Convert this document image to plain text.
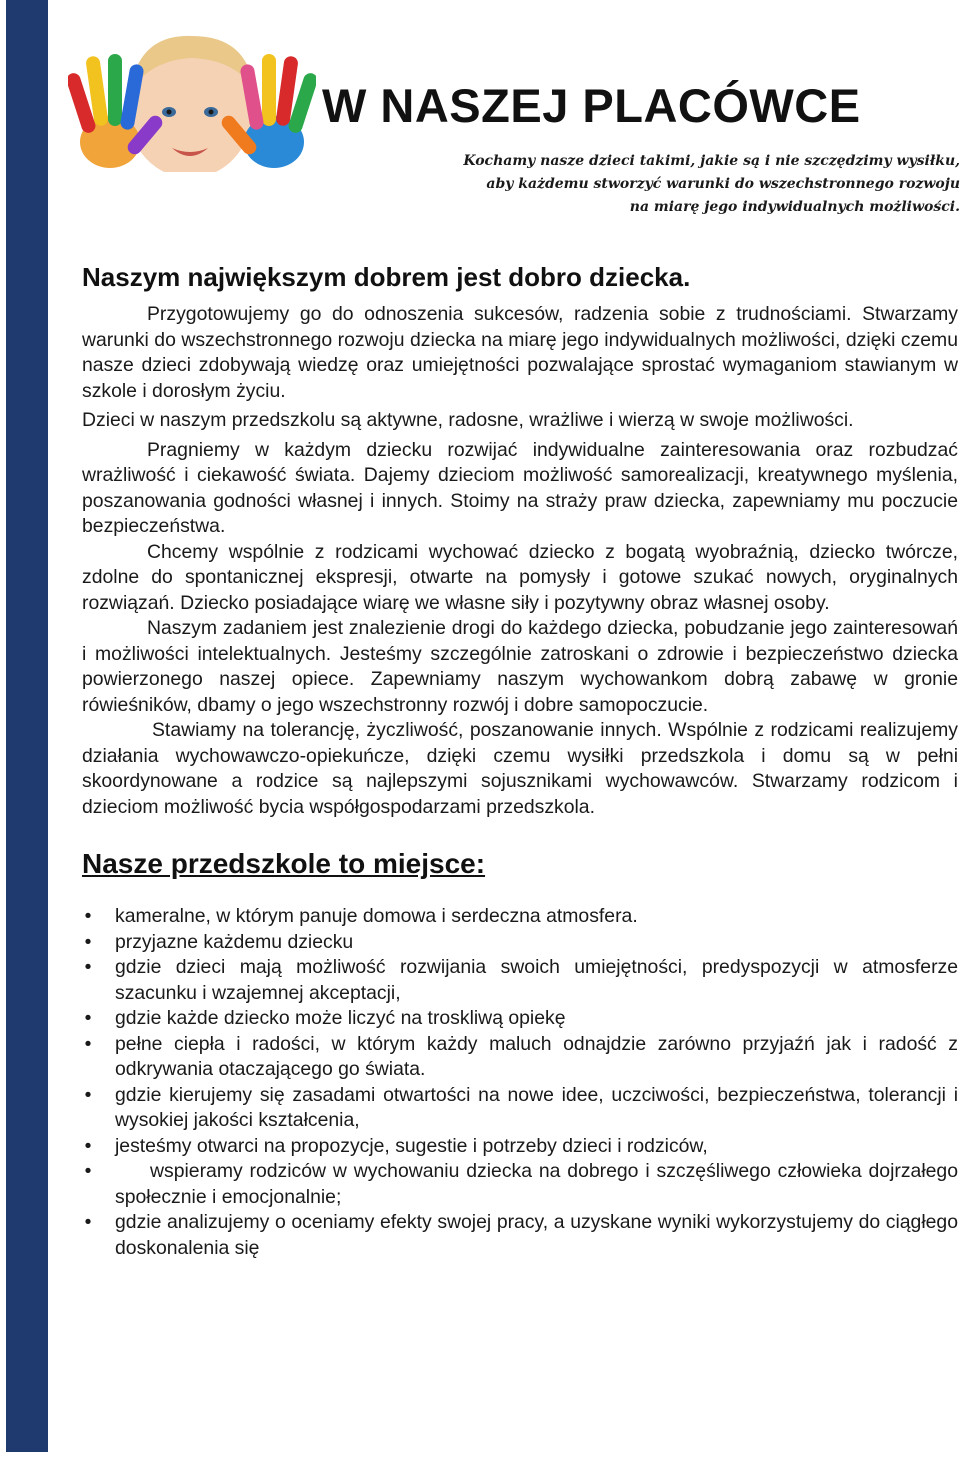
W NASZEJ PLACÓWCE
Kochamy nasze dzieci takimi, jakie są i nie szczędzimy wysiłku,
aby każdemu stworzyć warunki do wszechstronnego rozwoju
na miarę jego indywidualnych możliwości.
Naszym największym dobrem jest dobro dziecka.

Przygotowujemy go do odnoszenia sukcesów, radzenia sobie z trudnościami. Stwarzamy warunki do wszechstronnego rozwoju dziecka na miarę jego indywidualnych możliwości, dzięki czemu nasze dzieci zdobywają wiedzę oraz umiejętności pozwalające sprostać wymaganiom stawianym w szkole i dorosłym życiu.

Dzieci w naszym przedszkolu są aktywne, radosne, wrażliwe i wierzą w swoje możliwości.

Pragniemy w każdym dziecku rozwijać indywidualne zainteresowania oraz rozbudzać wrażliwość i ciekawość świata. Dajemy dzieciom możliwość samorealizacji, kreatywnego myślenia, poszanowania godności własnej i innych. Stoimy na straży praw dziecka, zapewniamy mu poczucie bezpieczeństwa.

Chcemy wspólnie z rodzicami wychować dziecko z bogatą wyobraźnią, dziecko twórcze, zdolne do spontanicznej ekspresji, otwarte na pomysły i gotowe szukać nowych, oryginalnych rozwiązań. Dziecko posiadające wiarę we własne siły i pozytywny obraz własnej osoby.

Naszym zadaniem jest znalezienie drogi do każdego dziecka, pobudzanie jego zainteresowań i możliwości intelektualnych. Jesteśmy szczególnie zatroskani o zdrowie i bezpieczeństwo dziecka powierzonego naszej opiece. Zapewniamy naszym wychowankom dobrą zabawę w gronie rówieśników, dbamy o jego wszechstronny rozwój i dobre samopoczucie.

Stawiamy na tolerancję, życzliwość, poszanowanie innych. Wspólnie z rodzicami realizujemy działania wychowawczo-opiekuńcze, dzięki czemu wysiłki przedszkola i domu są w pełni skoordynowane a rodzice są najlepszymi sojusznikami wychowawców. Stwarzamy rodzicom i dzieciom możliwość bycia współgospodarzami przedszkola.

Nasze przedszkole to miejsce:
• kameralne, w którym panuje domowa i serdeczna atmosfera.
• przyjazne każdemu dziecku
• gdzie dzieci mają możliwość rozwijania swoich umiejętności, predyspozycji w atmosferze szacunku i wzajemnej akceptacji,
• gdzie każde dziecko może liczyć na troskliwą opiekę
• pełne ciepła i radości, w którym każdy maluch odnajdzie zarówno przyjaźń jak i radość z odkrywania otaczającego go świata.
• gdzie kierujemy się zasadami otwartości na nowe idee, uczciwości, bezpieczeństwa, tolerancji i wysokiej jakości kształcenia,
• jesteśmy otwarci na propozycje, sugestie i potrzeby dzieci i rodziców,
•	wspieramy rodziców w wychowaniu dziecka na dobrego i szczęśliwego człowieka dojrzałego społecznie i emocjonalnie;
• gdzie analizujemy o oceniamy efekty swojej pracy, a uzyskane wyniki wykorzystujemy do ciągłego doskonalenia się
